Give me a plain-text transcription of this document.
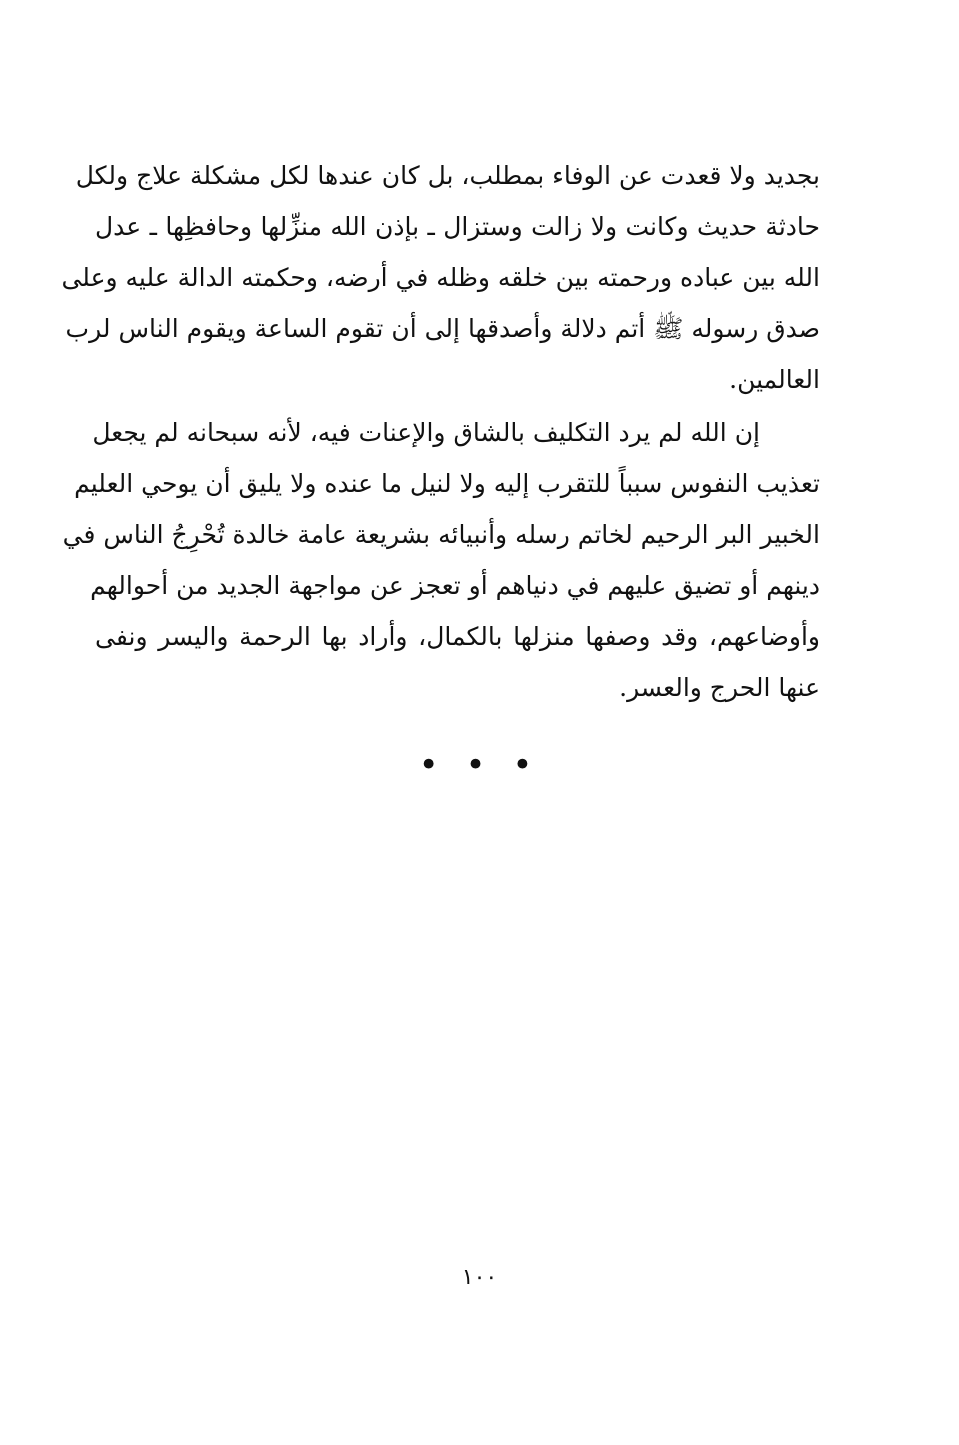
بجديد ولا قعدت عن الوفاء بمطلب، بل كان عندها لكل مشكلة علاج ولكل
حادثة حديث وكانت ولا زالت وستزال ـ بإذن الله منزِّلها وحافظِها ـ عدل
الله بين عباده ورحمته بين خلقه وظله في أرضه، وحكمته الدالة عليه وعلى
صدق رسوله ﷺ أتم دلالة وأصدقها إلى أن تقوم الساعة ويقوم الناس لرب
العالمين.
إن الله لم يرد التكليف بالشاق والإعنات فيه، لأنه سبحانه لم يجعل
تعذيب النفوس سبباً للتقرب إليه ولا لنيل ما عنده ولا يليق أن يوحي العليم
الخبير البر الرحيم لخاتم رسله وأنبيائه بشريعة عامة خالدة تُحْرِجُ الناس في
دينهم أو تضيق عليهم في دنياهم أو تعجز عن مواجهة الجديد من أحوالهم
وأوضاعهم، وقد وصفها منزلها بالكمال، وأراد بها الرحمة واليسر ونفى
عنها الحرج والعسر.
• • •
١٠٠
